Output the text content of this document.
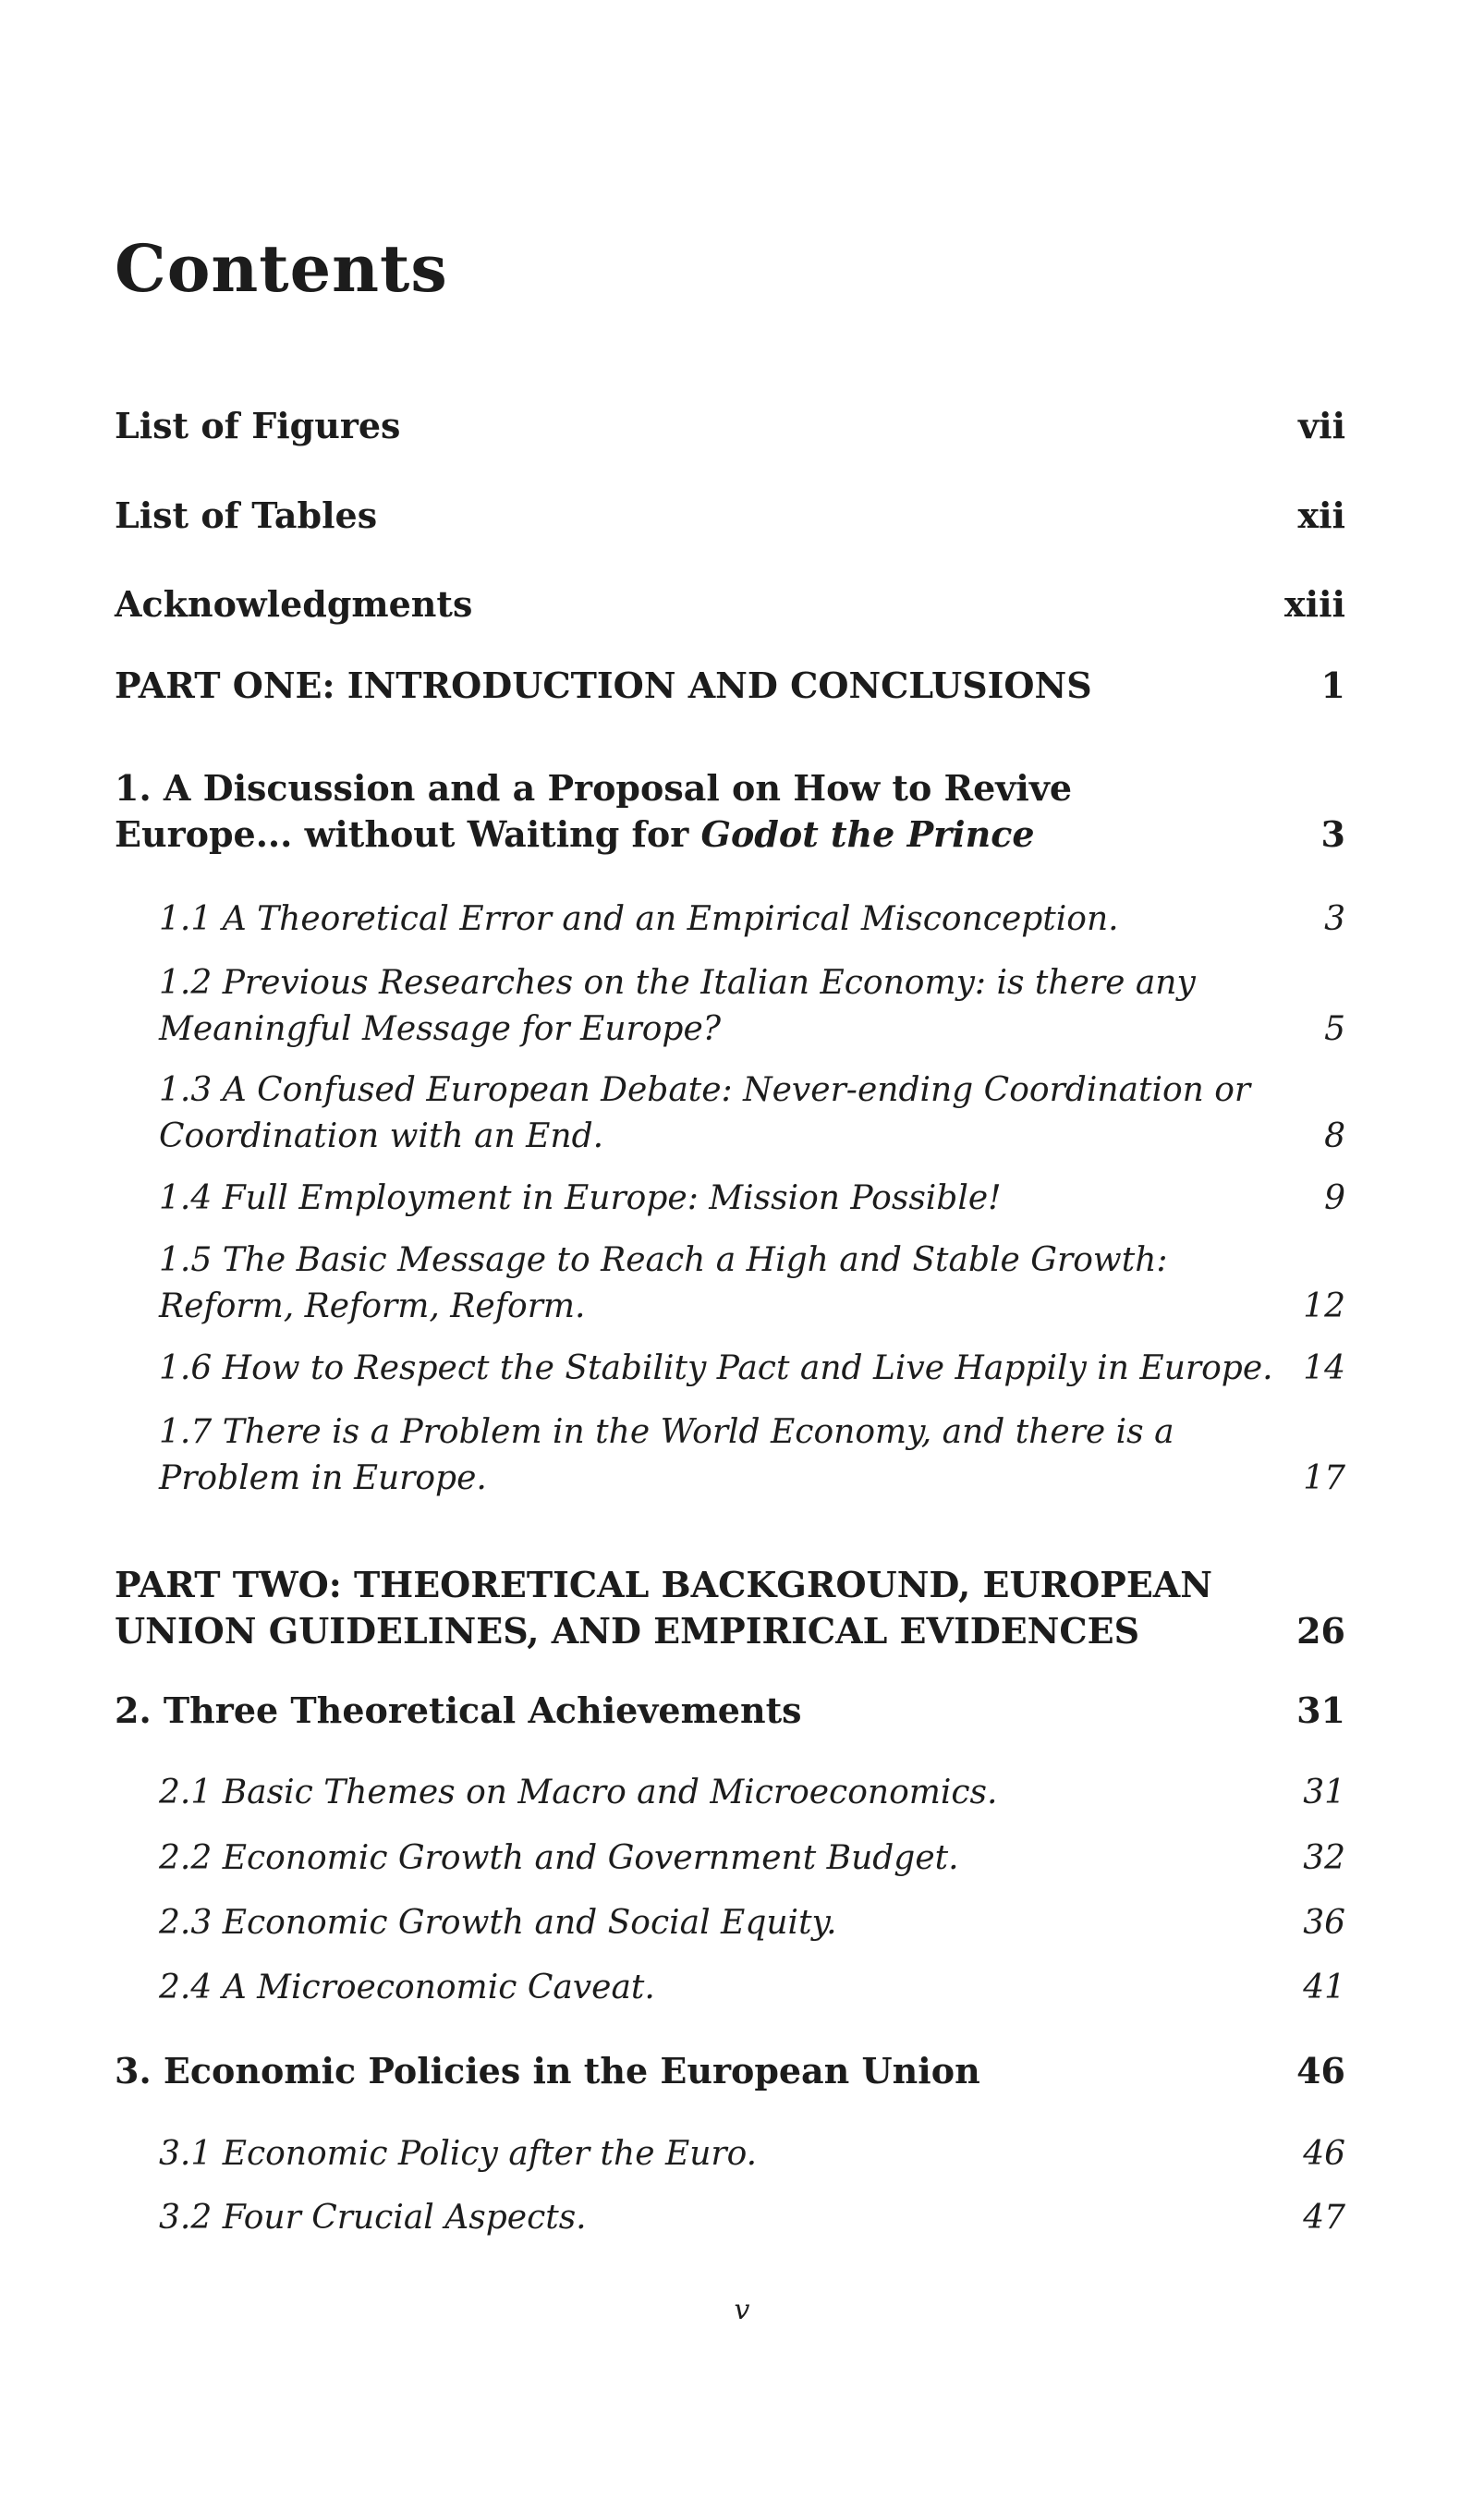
Contents
List of Figures	vii
List of Tables	xii
Acknowledgments	xiii
PART ONE: INTRODUCTION AND CONCLUSIONS	1
1. A Discussion and a Proposal on How to Revive Europe... without Waiting for Godot the Prince	3
1.1 A Theoretical Error and an Empirical Misconception.	3
1.2 Previous Researches on the Italian Economy: is there any Meaningful Message for Europe?	5
1.3 A Confused European Debate: Never-ending Coordination or Coordination with an End.	8
1.4 Full Employment in Europe: Mission Possible!	9
1.5 The Basic Message to Reach a High and Stable Growth: Reform, Reform, Reform.	12
1.6 How to Respect the Stability Pact and Live Happily in Europe. 14
1.7 There is a Problem in the World Economy, and there is a Problem in Europe.	17
PART TWO: THEORETICAL BACKGROUND, EUROPEAN UNION GUIDELINES, AND EMPIRICAL EVIDENCES	26
2. Three Theoretical Achievements	31
2.1 Basic Themes on Macro and Microeconomics.	31
2.2 Economic Growth and Government Budget.	32
2.3 Economic Growth and Social Equity.	36
2.4 A Microeconomic Caveat.	41
3. Economic Policies in the European Union	46
3.1 Economic Policy after the Euro.	46
3.2 Four Crucial Aspects.	47
v
